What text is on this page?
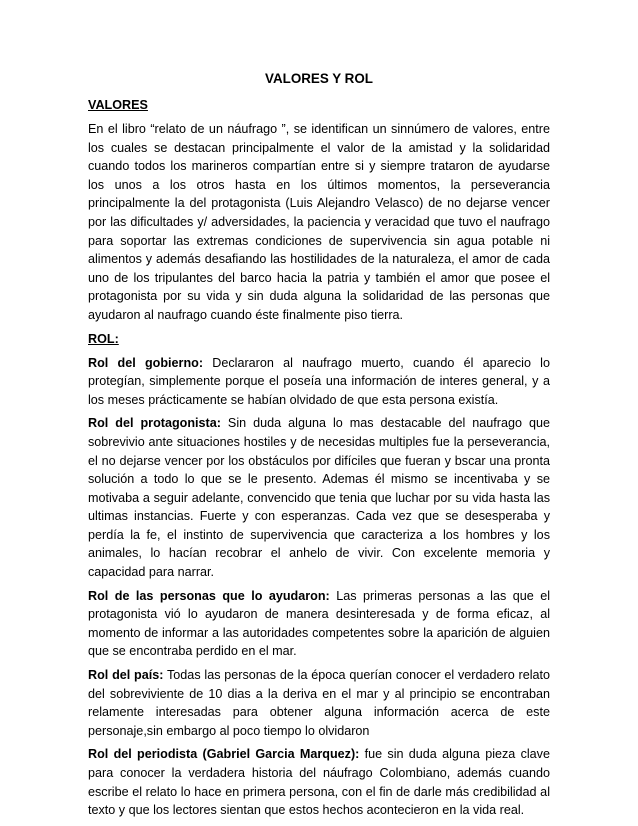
VALORES Y ROL
VALORES

En el libro “relato de un náufrago ”, se identifican un sinnúmero de valores, entre los cuales se destacan principalmente el valor de la amistad y la solidaridad cuando todos los marineros compartían entre si y siempre trataron de ayudarse los unos a los otros hasta en los últimos momentos, la perseverancia principalmente la del protagonista (Luis Alejandro Velasco) de no dejarse vencer por las dificultades y/ adversidades, la paciencia y veracidad que tuvo el naufrago para soportar las extremas condiciones de supervivencia sin agua potable ni alimentos y además desafiando las hostilidades de la naturaleza, el amor de cada uno de los tripulantes del barco hacia la patria y también el amor que posee el protagonista por su vida y sin duda alguna la solidaridad de las personas que ayudaron al naufrago cuando éste finalmente piso tierra.

ROL:

Rol del gobierno: Declararon al naufrago muerto, cuando él aparecio lo protegían, simplemente porque el poseía una información de interes general, y a los meses prácticamente se habían olvidado de que esta persona existía.

Rol del protagonista: Sin duda alguna lo mas destacable del naufrago que sobrevivio ante situaciones hostiles y de necesidas multiples fue la perseverancia, el no dejarse vencer por los obstáculos por difíciles que fueran y bscar una pronta solución a todo lo que se le presento. Ademas él mismo se incentivaba y se motivaba a seguir adelante, convencido que tenia que luchar por su vida hasta las ultimas instancias. Fuerte y con esperanzas. Cada vez que se desesperaba y perdía la fe, el instinto de supervivencia que caracteriza a los hombres y los animales, lo hacían recobrar el anhelo de vivir. Con excelente memoria y capacidad para narrar.

Rol de las personas que lo ayudaron: Las primeras personas a las que el protagonista vió lo ayudaron de manera desinteresada y de forma eficaz, al momento de informar a las autoridades competentes sobre la aparición de alguien que se encontraba perdido en el mar.

Rol del país: Todas las personas de la época querían conocer el verdadero relato del sobreviviente de 10 dias a la deriva en el mar y al principio se encontraban relamente interesadas para obtener alguna información acerca de este personaje,sin embargo al poco tiempo lo olvidaron

Rol del periodista (Gabriel Garcia Marquez): fue sin duda alguna pieza clave para conocer la verdadera historia del náufrago Colombiano, además cuando escribe el relato lo hace en primera persona, con el fin de darle más credibilidad al texto y que los lectores sientan que estos hechos acontecieron en la vida real.
